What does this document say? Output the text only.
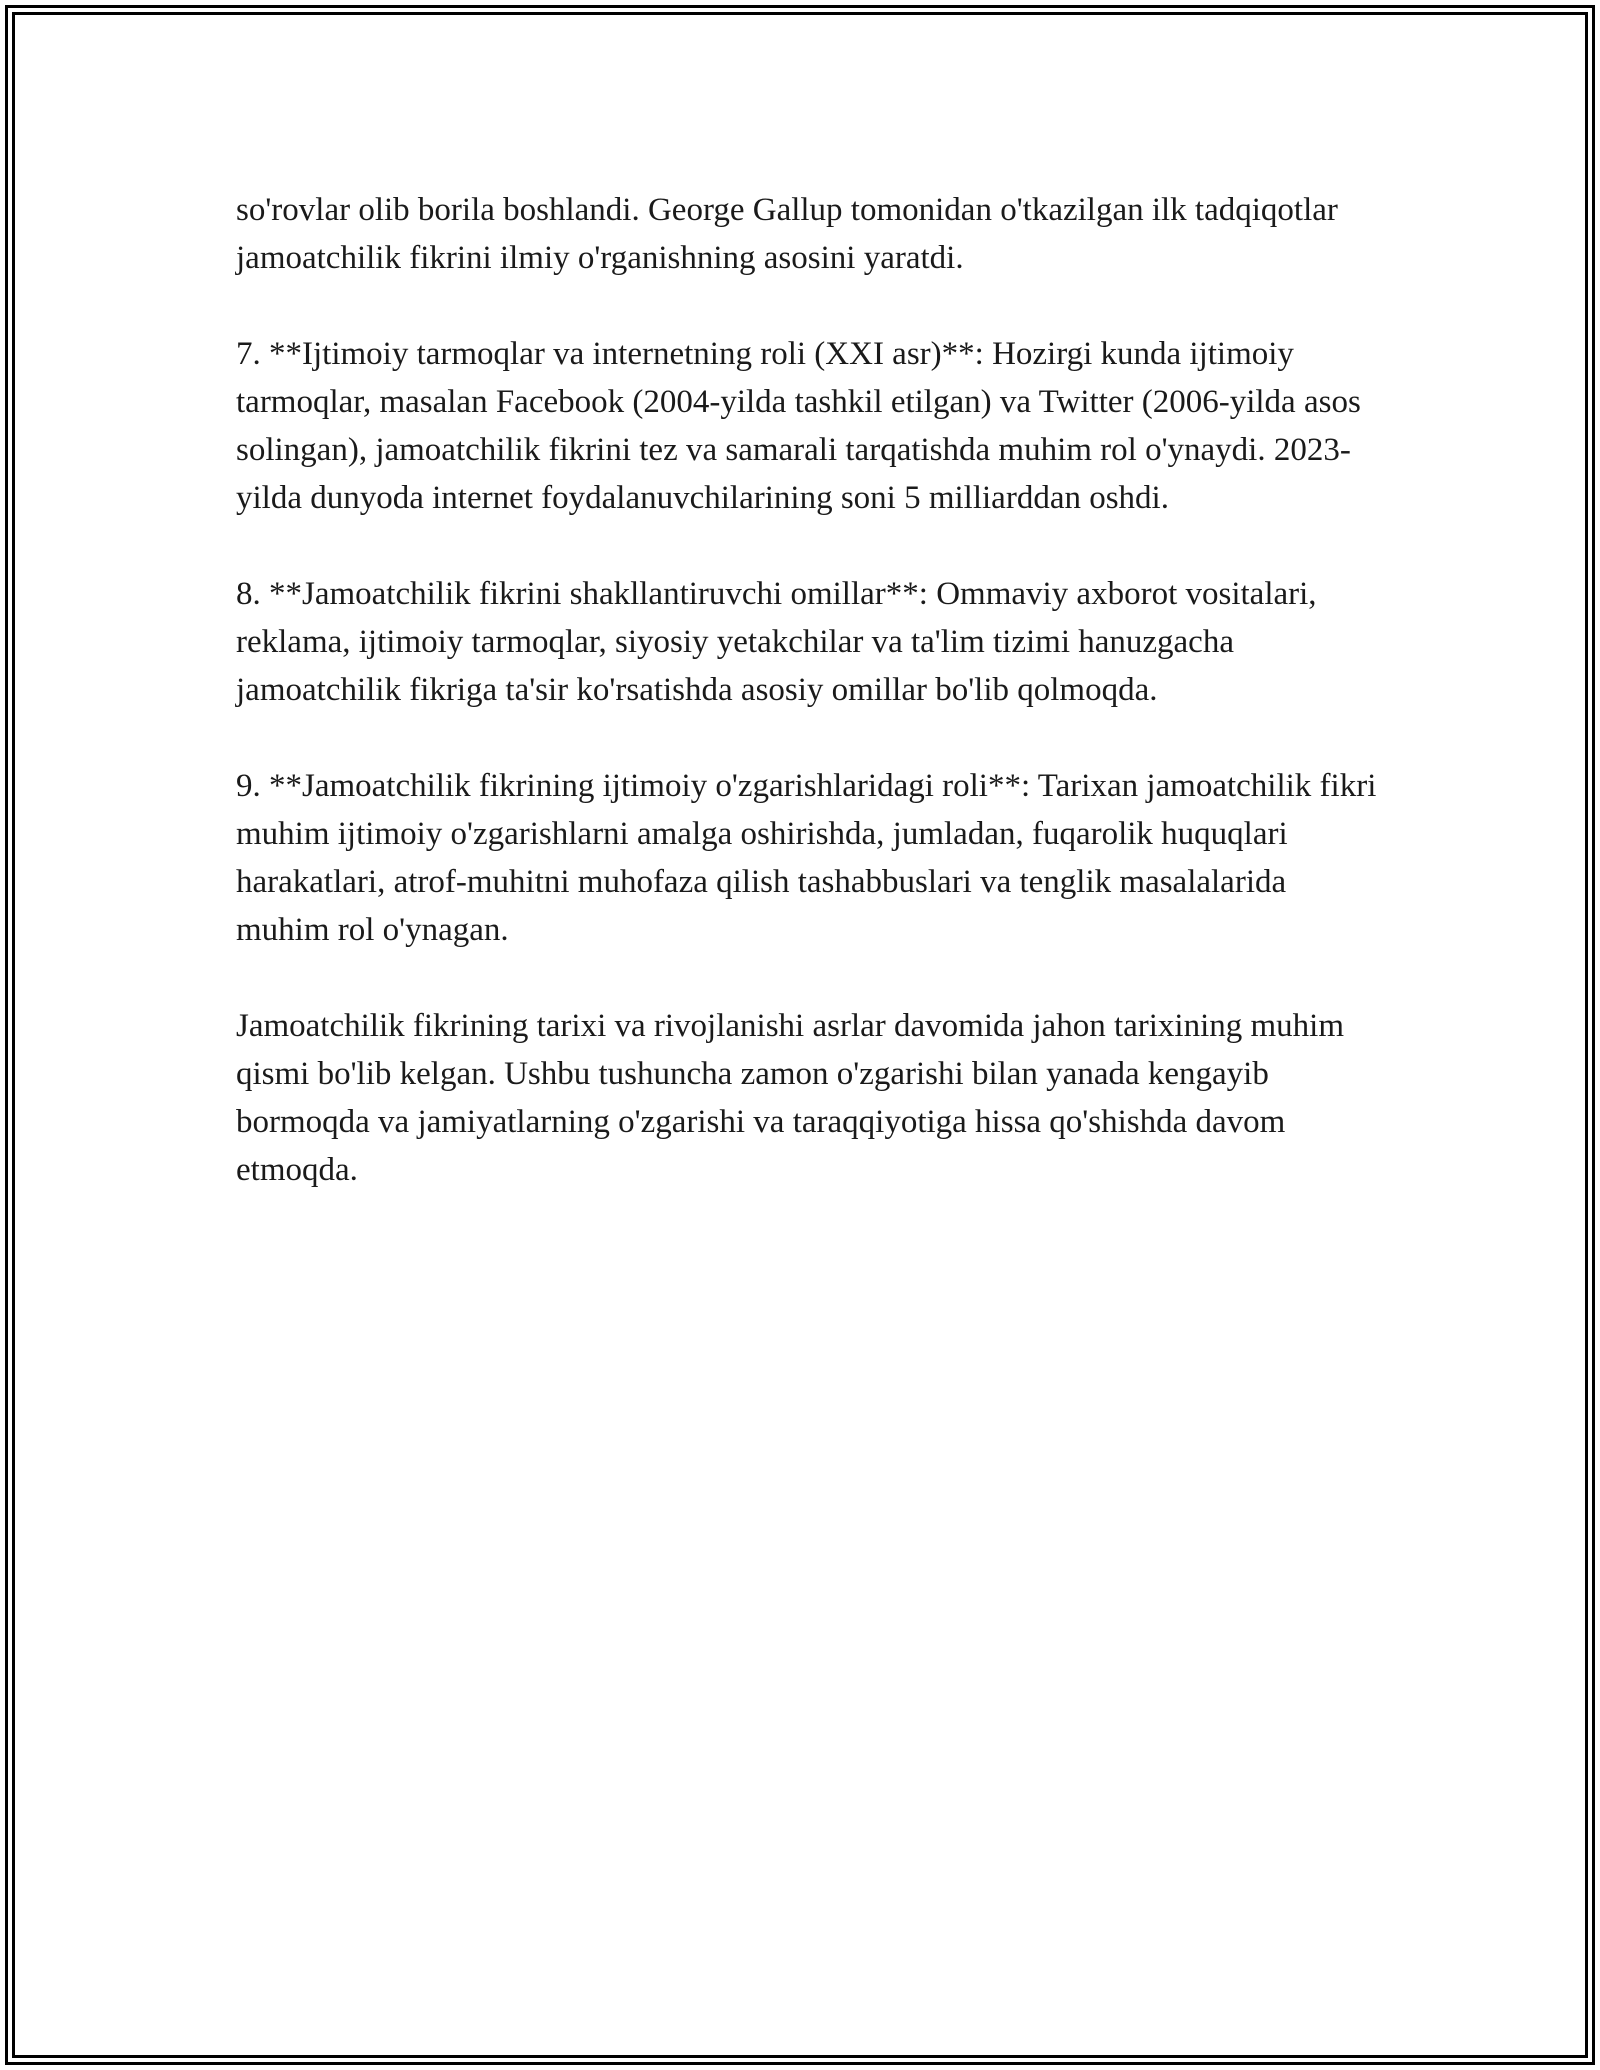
so'rovlar olib borila boshlandi. George Gallup tomonidan o'tkazilgan ilk tadqiqotlar jamoatchilik fikrini ilmiy o'rganishning asosini yaratdi.

7. **Ijtimoiy tarmoqlar va internetning roli (XXI asr)**: Hozirgi kunda ijtimoiy tarmoqlar, masalan Facebook (2004-yilda tashkil etilgan) va Twitter (2006-yilda asos solingan), jamoatchilik fikrini tez va samarali tarqatishda muhim rol o'ynaydi. 2023-yilda dunyoda internet foydalanuvchilarining soni 5 milliarddan oshdi.

8. **Jamoatchilik fikrini shakllantiruvchi omillar**: Ommaviy axborot vositalari, reklama, ijtimoiy tarmoqlar, siyosiy yetakchilar va ta'lim tizimi hanuzgacha jamoatchilik fikriga ta'sir ko'rsatishda asosiy omillar bo'lib qolmoqda.

9. **Jamoatchilik fikrining ijtimoiy o'zgarishlaridagi roli**: Tarixan jamoatchilik fikri muhim ijtimoiy o'zgarishlarni amalga oshirishda, jumladan, fuqarolik huquqlari harakatlari, atrof-muhitni muhofaza qilish tashabbuslari va tenglik masalalarida muhim rol o'ynagan.

Jamoatchilik fikrining tarixi va rivojlanishi asrlar davomida jahon tarixining muhim qismi bo'lib kelgan. Ushbu tushuncha zamon o'zgarishi bilan yanada kengayib bormoqda va jamiyatlarning o'zgarishi va taraqqiyotiga hissa qo'shishda davom etmoqda.
